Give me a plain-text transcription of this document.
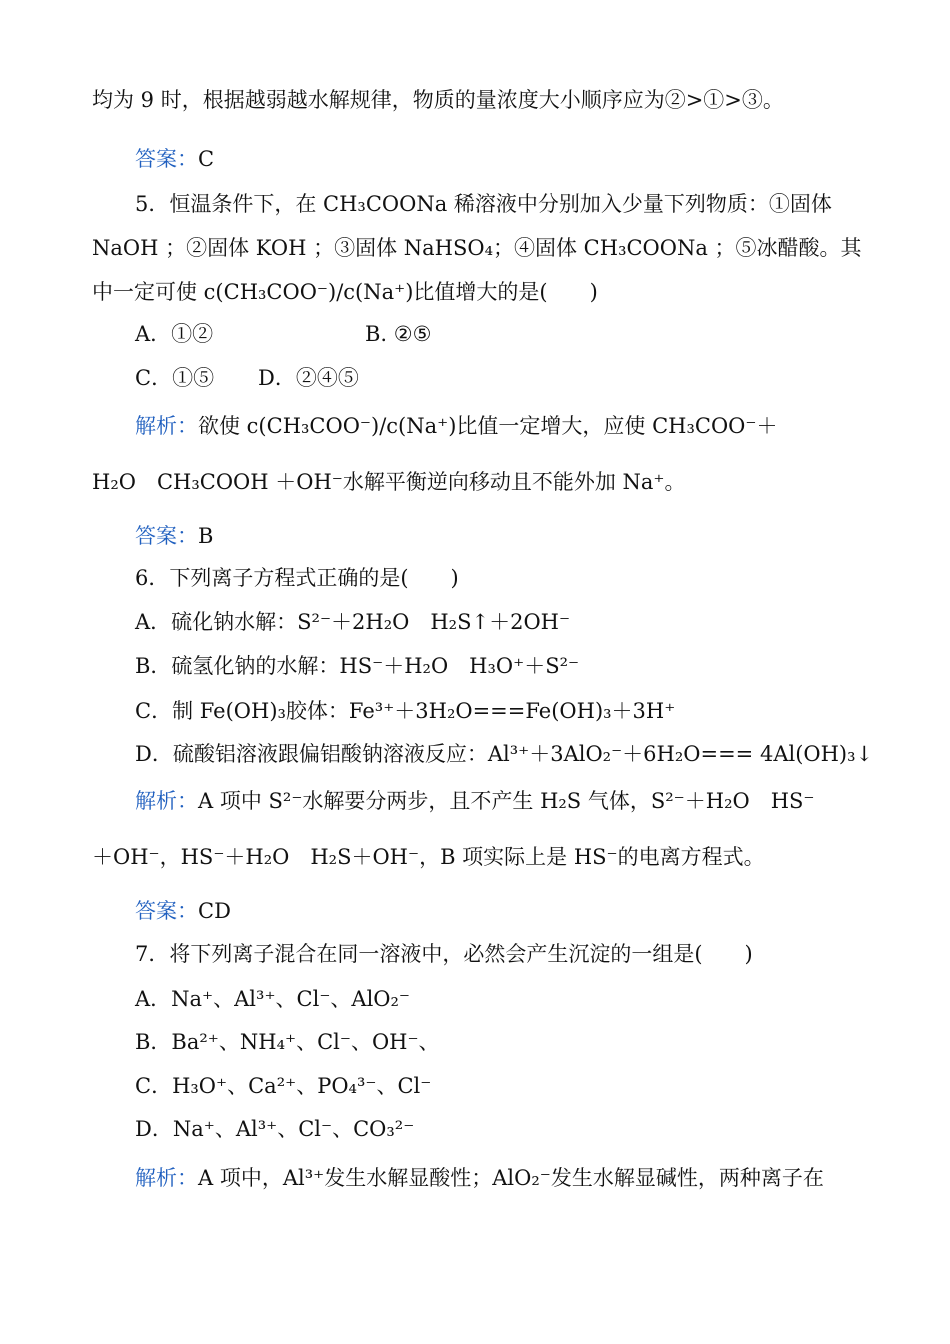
均为 9 时，根据越弱越水解规律，物质的量浓度大小顺序应为②>①>③。
答案：C
5．恒温条件下，在 CH₃COONa 稀溶液中分别加入少量下列物质：①固体
NaOH ；②固体 KOH ；③固体 NaHSO₄；④固体 CH₃COONa ；⑤冰醋酸。其
中一定可使 c(CH₃COO⁻)/c(Na⁺)比值增大的是(　　)
A．①②	B. ②⑤
C．①⑤ D．②④⑤
解析：欲使 c(CH₃COO⁻)/c(Na⁺)比值一定增大，应使 CH₃COO⁻＋
H₂O　CH₃COOH ＋OH⁻水解平衡逆向移动且不能外加 Na⁺。
答案：B
6．下列离子方程式正确的是(　　)
A．硫化钠水解：S²⁻＋2H₂O　H₂S↑＋2OH⁻
B．硫氢化钠的水解：HS⁻＋H₂O　H₃O⁺＋S²⁻
C．制 Fe(OH)₃胶体：Fe³⁺＋3H₂O===Fe(OH)₃＋3H⁺
D．硫酸铝溶液跟偏铝酸钠溶液反应：Al³⁺＋3AlO₂⁻＋6H₂O=== 4Al(OH)₃↓
解析：A 项中 S²⁻水解要分两步，且不产生 H₂S 气体，S²⁻＋H₂O　HS⁻
＋OH⁻，HS⁻＋H₂O　H₂S＋OH⁻，B 项实际上是 HS⁻的电离方程式。
答案：CD
7．将下列离子混合在同一溶液中，必然会产生沉淀的一组是(　　)
A．Na⁺、Al³⁺、Cl⁻、AlO₂⁻
B．Ba²⁺、NH₄⁺、Cl⁻、OH⁻、
C．H₃O⁺、Ca²⁺、PO₄³⁻、Cl⁻
D．Na⁺、Al³⁺、Cl⁻、CO₃²⁻
解析：A 项中，Al³⁺发生水解显酸性；AlO₂⁻发生水解显碱性，两种离子在
